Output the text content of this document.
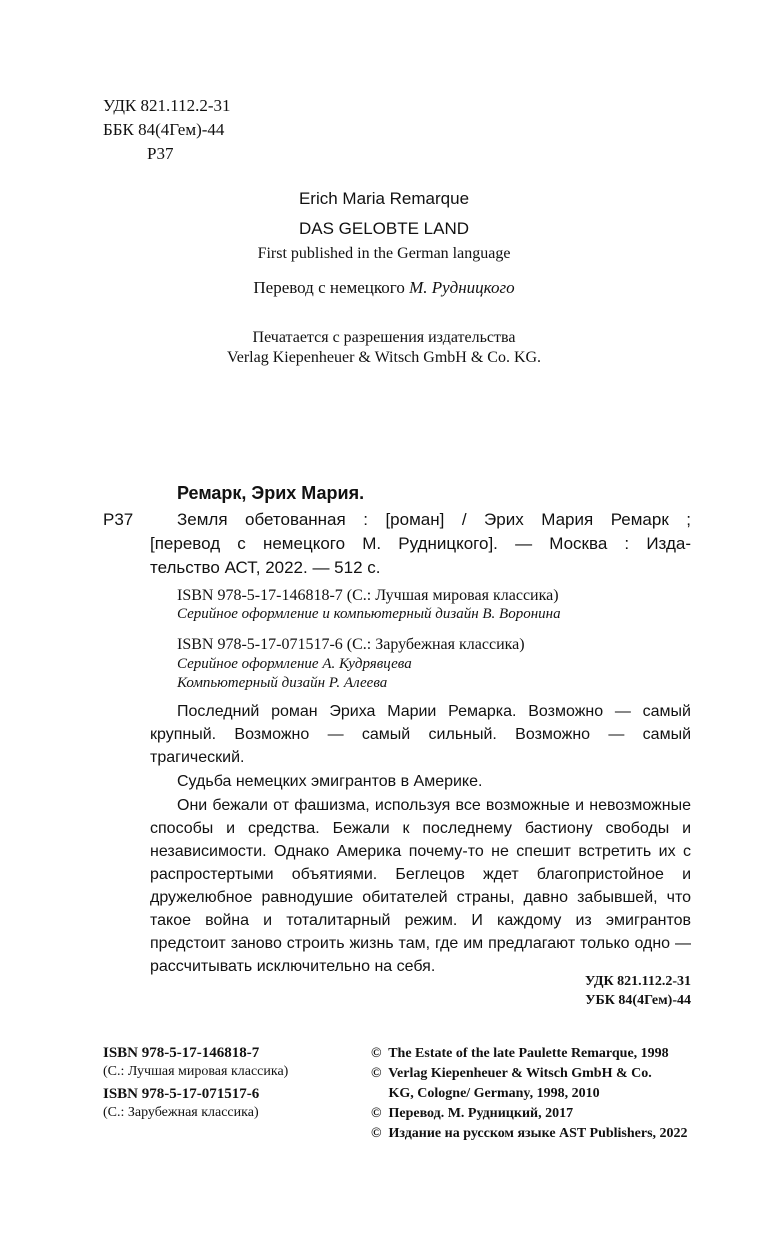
УДК 821.112.2-31
ББК 84(4Гем)-44
Р37
Erich Maria Remarque
DAS GELOBTE LAND
First published in the German language
Перевод с немецкого М. Рудницкого
Печатается с разрешения издательства
Verlag Kiepenheuer & Witsch GmbH & Co. KG.
Ремарк, Эрих Мария.
Р37	Земля обетованная : [роман] / Эрих Мария Ремарк ;
[перевод с немецкого М. Рудницкого]. — Москва : Изда-
тельство АСТ, 2022. — 512 с.
ISBN 978-5-17-146818-7 (С.: Лучшая мировая классика)
Серийное оформление и компьютерный дизайн В. Воронина
ISBN 978-5-17-071517-6 (С.: Зарубежная классика)
Серийное оформление А. Кудрявцева
Компьютерный дизайн Р. Алеева
Последний роман Эриха Марии Ремарка. Возможно — самый крупный. Возможно — самый сильный. Возможно — самый трагический.
Судьба немецких эмигрантов в Америке.
Они бежали от фашизма, используя все возможные и невозможные способы и средства. Бежали к последнему бастиону свободы и независимости. Однако Америка почему-то не спешит встретить их с распростертыми объятиями. Беглецов ждет благопристойное и дружелюбное равнодушие обитателей страны, давно забывшей, что такое война и тоталитарный режим. И каждому из эмигрантов предстоит заново строить жизнь там, где им предлагают только одно — рассчитывать исключительно на себя.
УДК 821.112.2-31
УБК 84(4Гем)-44
ISBN 978-5-17-146818-7
(С.: Лучшая мировая классика)
ISBN 978-5-17-071517-6
(С.: Зарубежная классика)
©  The Estate of the late Paulette Remarque, 1998
©  Verlag Kiepenheuer & Witsch GmbH & Co.
KG, Cologne/ Germany, 1998, 2010
©  Перевод. М. Рудницкий, 2017
©  Издание на русском языке AST Publishers, 2022
